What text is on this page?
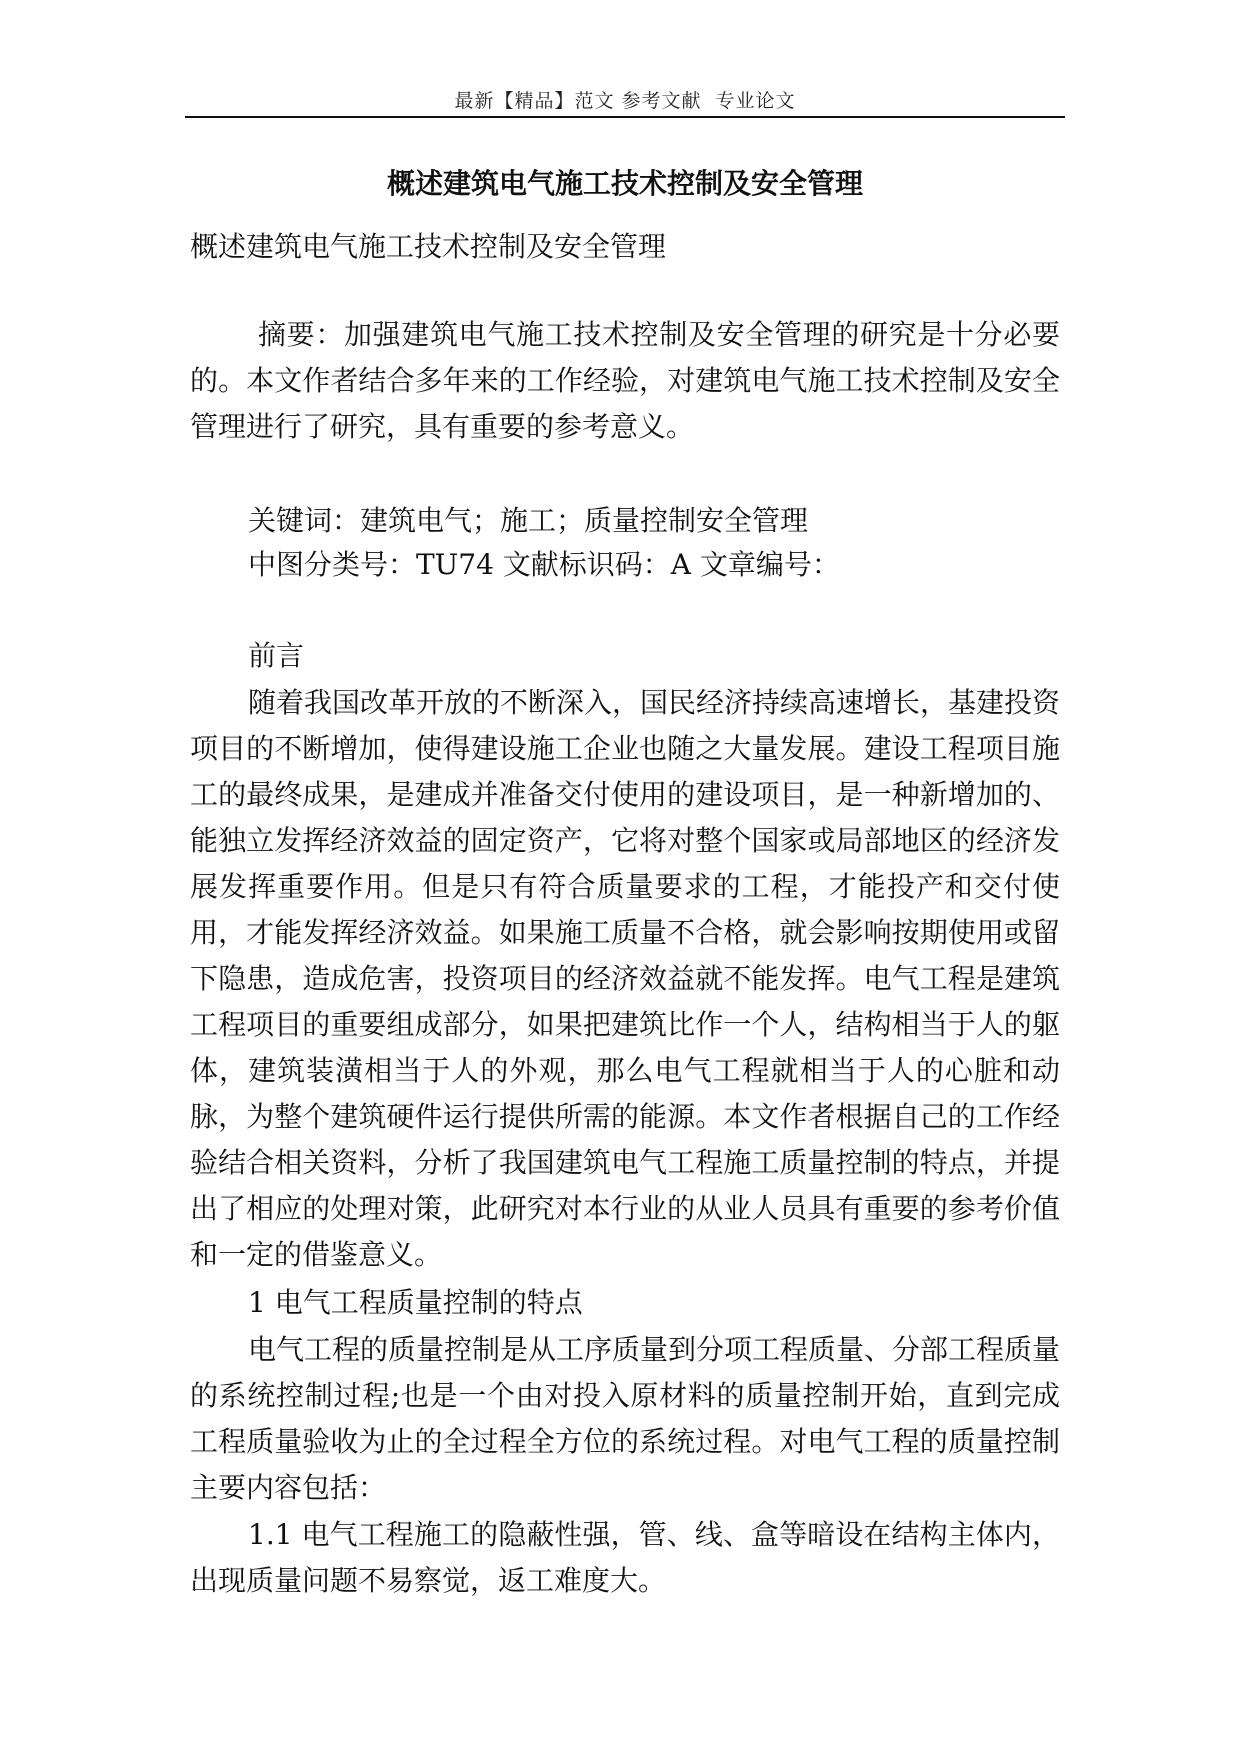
最新【精品】范文 参考文献  专业论文
概述建筑电气施工技术控制及安全管理
概述建筑电气施工技术控制及安全管理
摘要：加强建筑电气施工技术控制及安全管理的研究是十分必要的。本文作者结合多年来的工作经验，对建筑电气施工技术控制及安全管理进行了研究，具有重要的参考意义。
关键词：建筑电气；施工；质量控制安全管理
中图分类号：TU74 文献标识码：A 文章编号：
前言
随着我国改革开放的不断深入，国民经济持续高速增长，基建投资项目的不断增加，使得建设施工企业也随之大量发展。建设工程项目施工的最终成果，是建成并准备交付使用的建设项目，是一种新增加的、能独立发挥经济效益的固定资产，它将对整个国家或局部地区的经济发展发挥重要作用。但是只有符合质量要求的工程，才能投产和交付使用，才能发挥经济效益。如果施工质量不合格，就会影响按期使用或留下隐患，造成危害，投资项目的经济效益就不能发挥。电气工程是建筑工程项目的重要组成部分，如果把建筑比作一个人，结构相当于人的躯体，建筑装潢相当于人的外观，那么电气工程就相当于人的心脏和动脉，为整个建筑硬件运行提供所需的能源。本文作者根据自己的工作经验结合相关资料，分析了我国建筑电气工程施工质量控制的特点，并提出了相应的处理对策，此研究对本行业的从业人员具有重要的参考价值和一定的借鉴意义。
1 电气工程质量控制的特点
电气工程的质量控制是从工序质量到分项工程质量、分部工程质量的系统控制过程;也是一个由对投入原材料的质量控制开始，直到完成工程质量验收为止的全过程全方位的系统过程。对电气工程的质量控制主要内容包括：
1.1 电气工程施工的隐蔽性强，管、线、盒等暗设在结构主体内，出现质量问题不易察觉，返工难度大。
